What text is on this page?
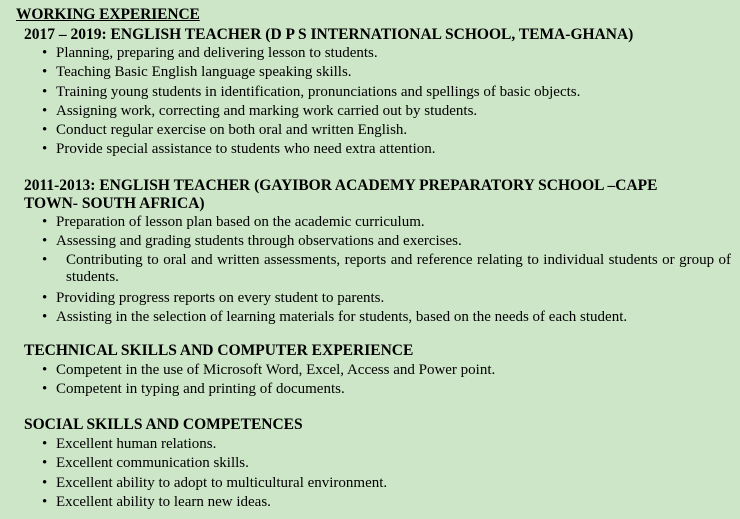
WORKING EXPERIENCE
2017 – 2019: ENGLISH TEACHER (D P S INTERNATIONAL SCHOOL, TEMA-GHANA)
• Planning, preparing and delivering lesson to students.
• Teaching Basic English language speaking skills.
• Training young students in identification, pronunciations and spellings of basic objects.
• Assigning work, correcting and marking work carried out by students.
• Conduct regular exercise on both oral and written English.
• Provide special assistance to students who need extra attention.
2011-2013: ENGLISH TEACHER (GAYIBOR ACADEMY PREPARATORY SCHOOL –CAPE TOWN- SOUTH AFRICA)
• Preparation of lesson plan based on the academic curriculum.
• Assessing and grading students through observations and exercises.
• Contributing to oral and written assessments, reports and reference relating to individual students or group of students.
• Providing progress reports on every student to parents.
• Assisting in the selection of learning materials for students, based on the needs of each student.
TECHNICAL SKILLS AND COMPUTER EXPERIENCE
• Competent in the use of Microsoft Word, Excel, Access and Power point.
• Competent in typing and printing of documents.
SOCIAL SKILLS AND COMPETENCES
• Excellent human relations.
• Excellent communication skills.
• Excellent ability to adopt to multicultural environment.
• Excellent ability to learn new ideas.
